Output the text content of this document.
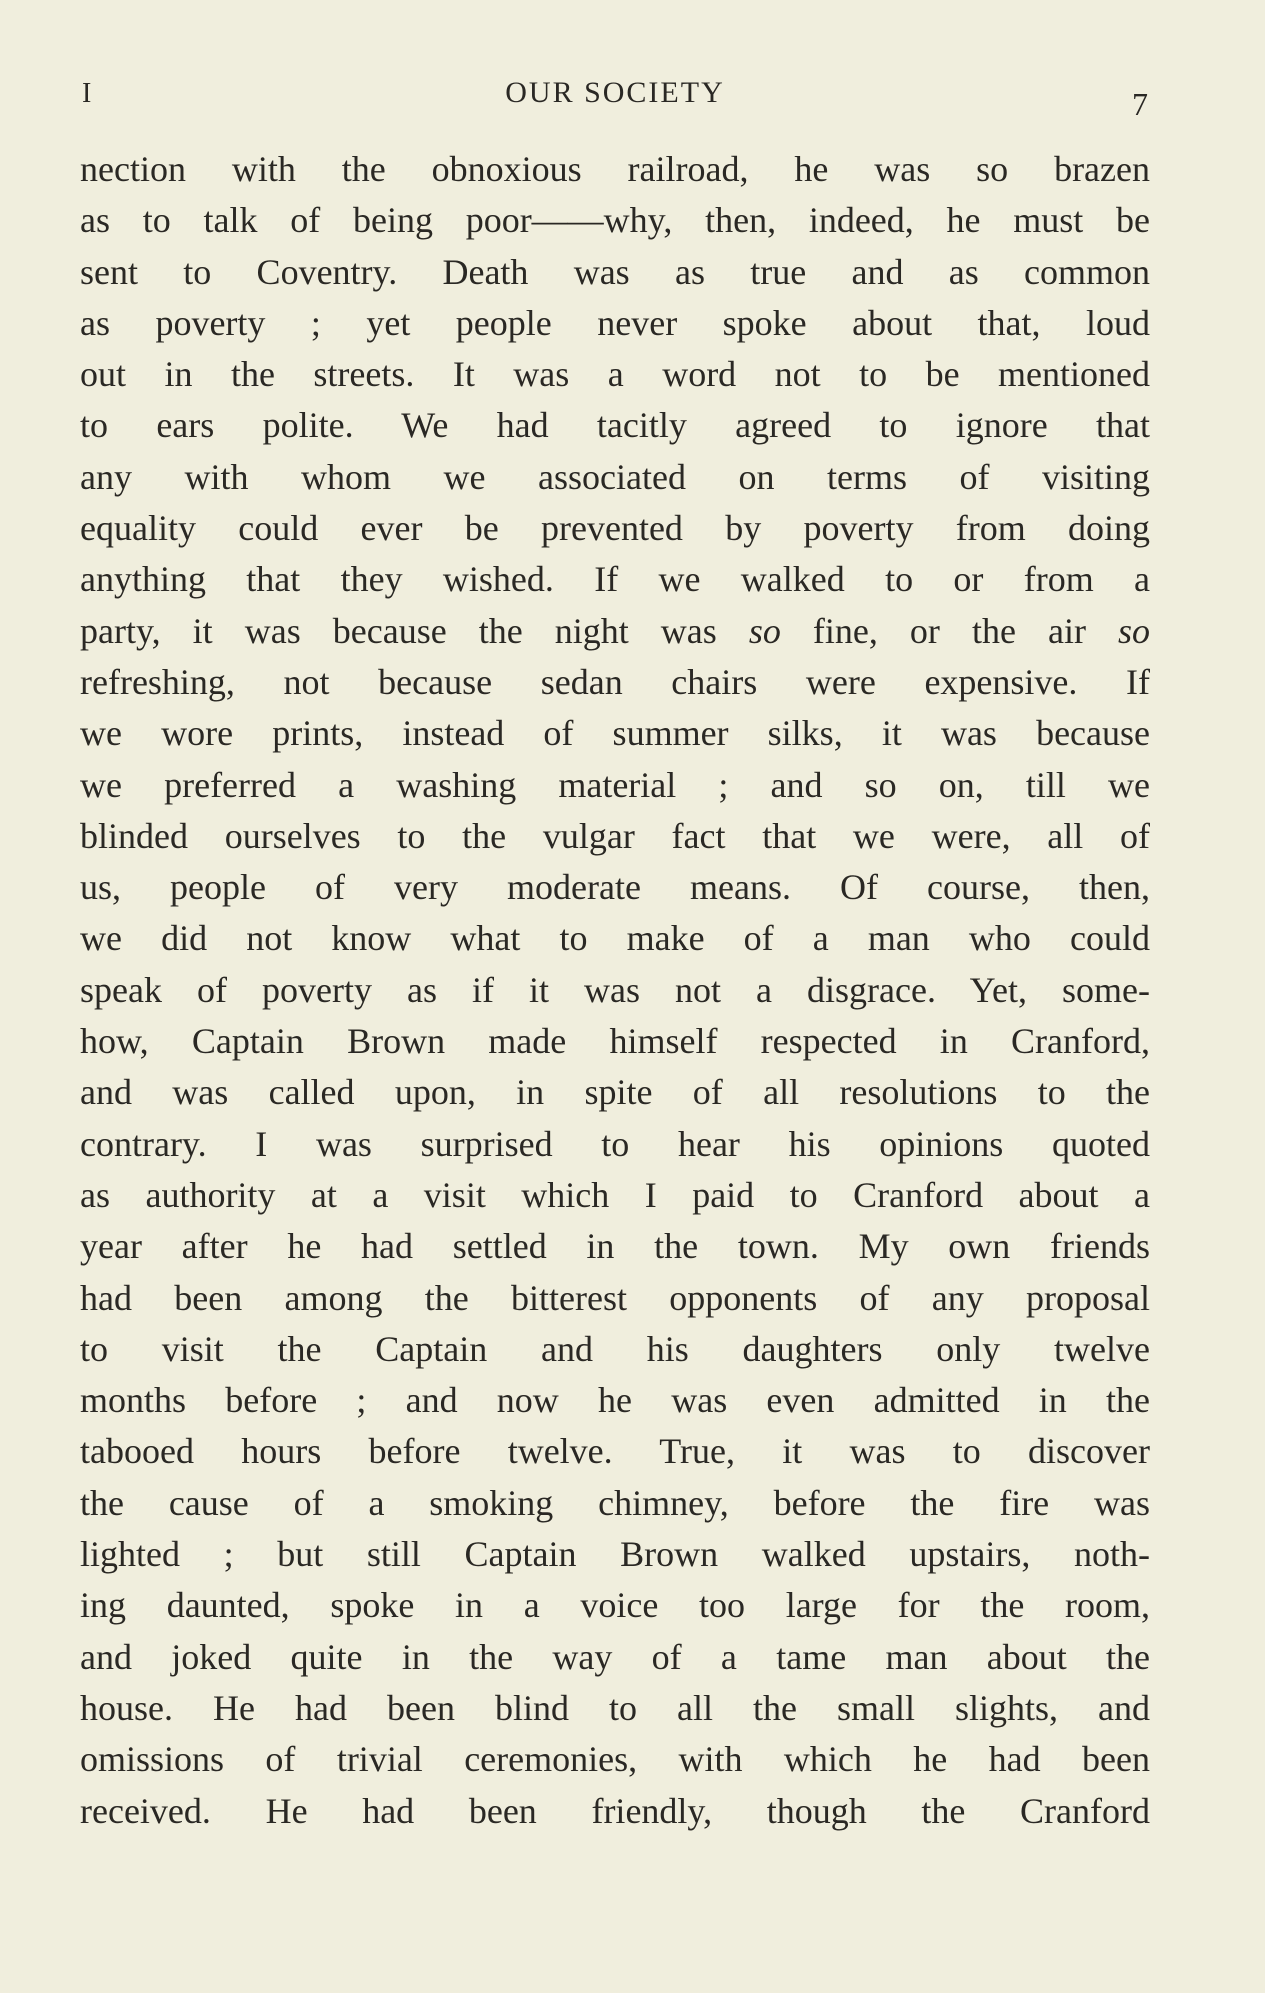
I	OUR SOCIETY	7
nection with the obnoxious railroad, he was so brazen
as to talk of being poor——why, then, indeed, he must be
sent to Coventry. Death was as true and as common
as poverty ; yet people never spoke about that, loud
out in the streets. It was a word not to be mentioned
to ears polite. We had tacitly agreed to ignore that
any with whom we associated on terms of visiting
equality could ever be prevented by poverty from doing
anything that they wished. If we walked to or from a
party, it was because the night was so fine, or the air so
refreshing, not because sedan chairs were expensive. If
we wore prints, instead of summer silks, it was because
we preferred a washing material ; and so on, till we
blinded ourselves to the vulgar fact that we were, all of
us, people of very moderate means. Of course, then,
we did not know what to make of a man who could
speak of poverty as if it was not a disgrace. Yet, some-
how, Captain Brown made himself respected in Cranford,
and was called upon, in spite of all resolutions to the
contrary. I was surprised to hear his opinions quoted
as authority at a visit which I paid to Cranford about a
year after he had settled in the town. My own friends
had been among the bitterest opponents of any proposal
to visit the Captain and his daughters only twelve
months before ; and now he was even admitted in the
tabooed hours before twelve. True, it was to discover
the cause of a smoking chimney, before the fire was
lighted ; but still Captain Brown walked upstairs, noth-
ing daunted, spoke in a voice too large for the room,
and joked quite in the way of a tame man about the
house. He had been blind to all the small slights, and
omissions of trivial ceremonies, with which he had been
received. He had been friendly, though the Cranford
